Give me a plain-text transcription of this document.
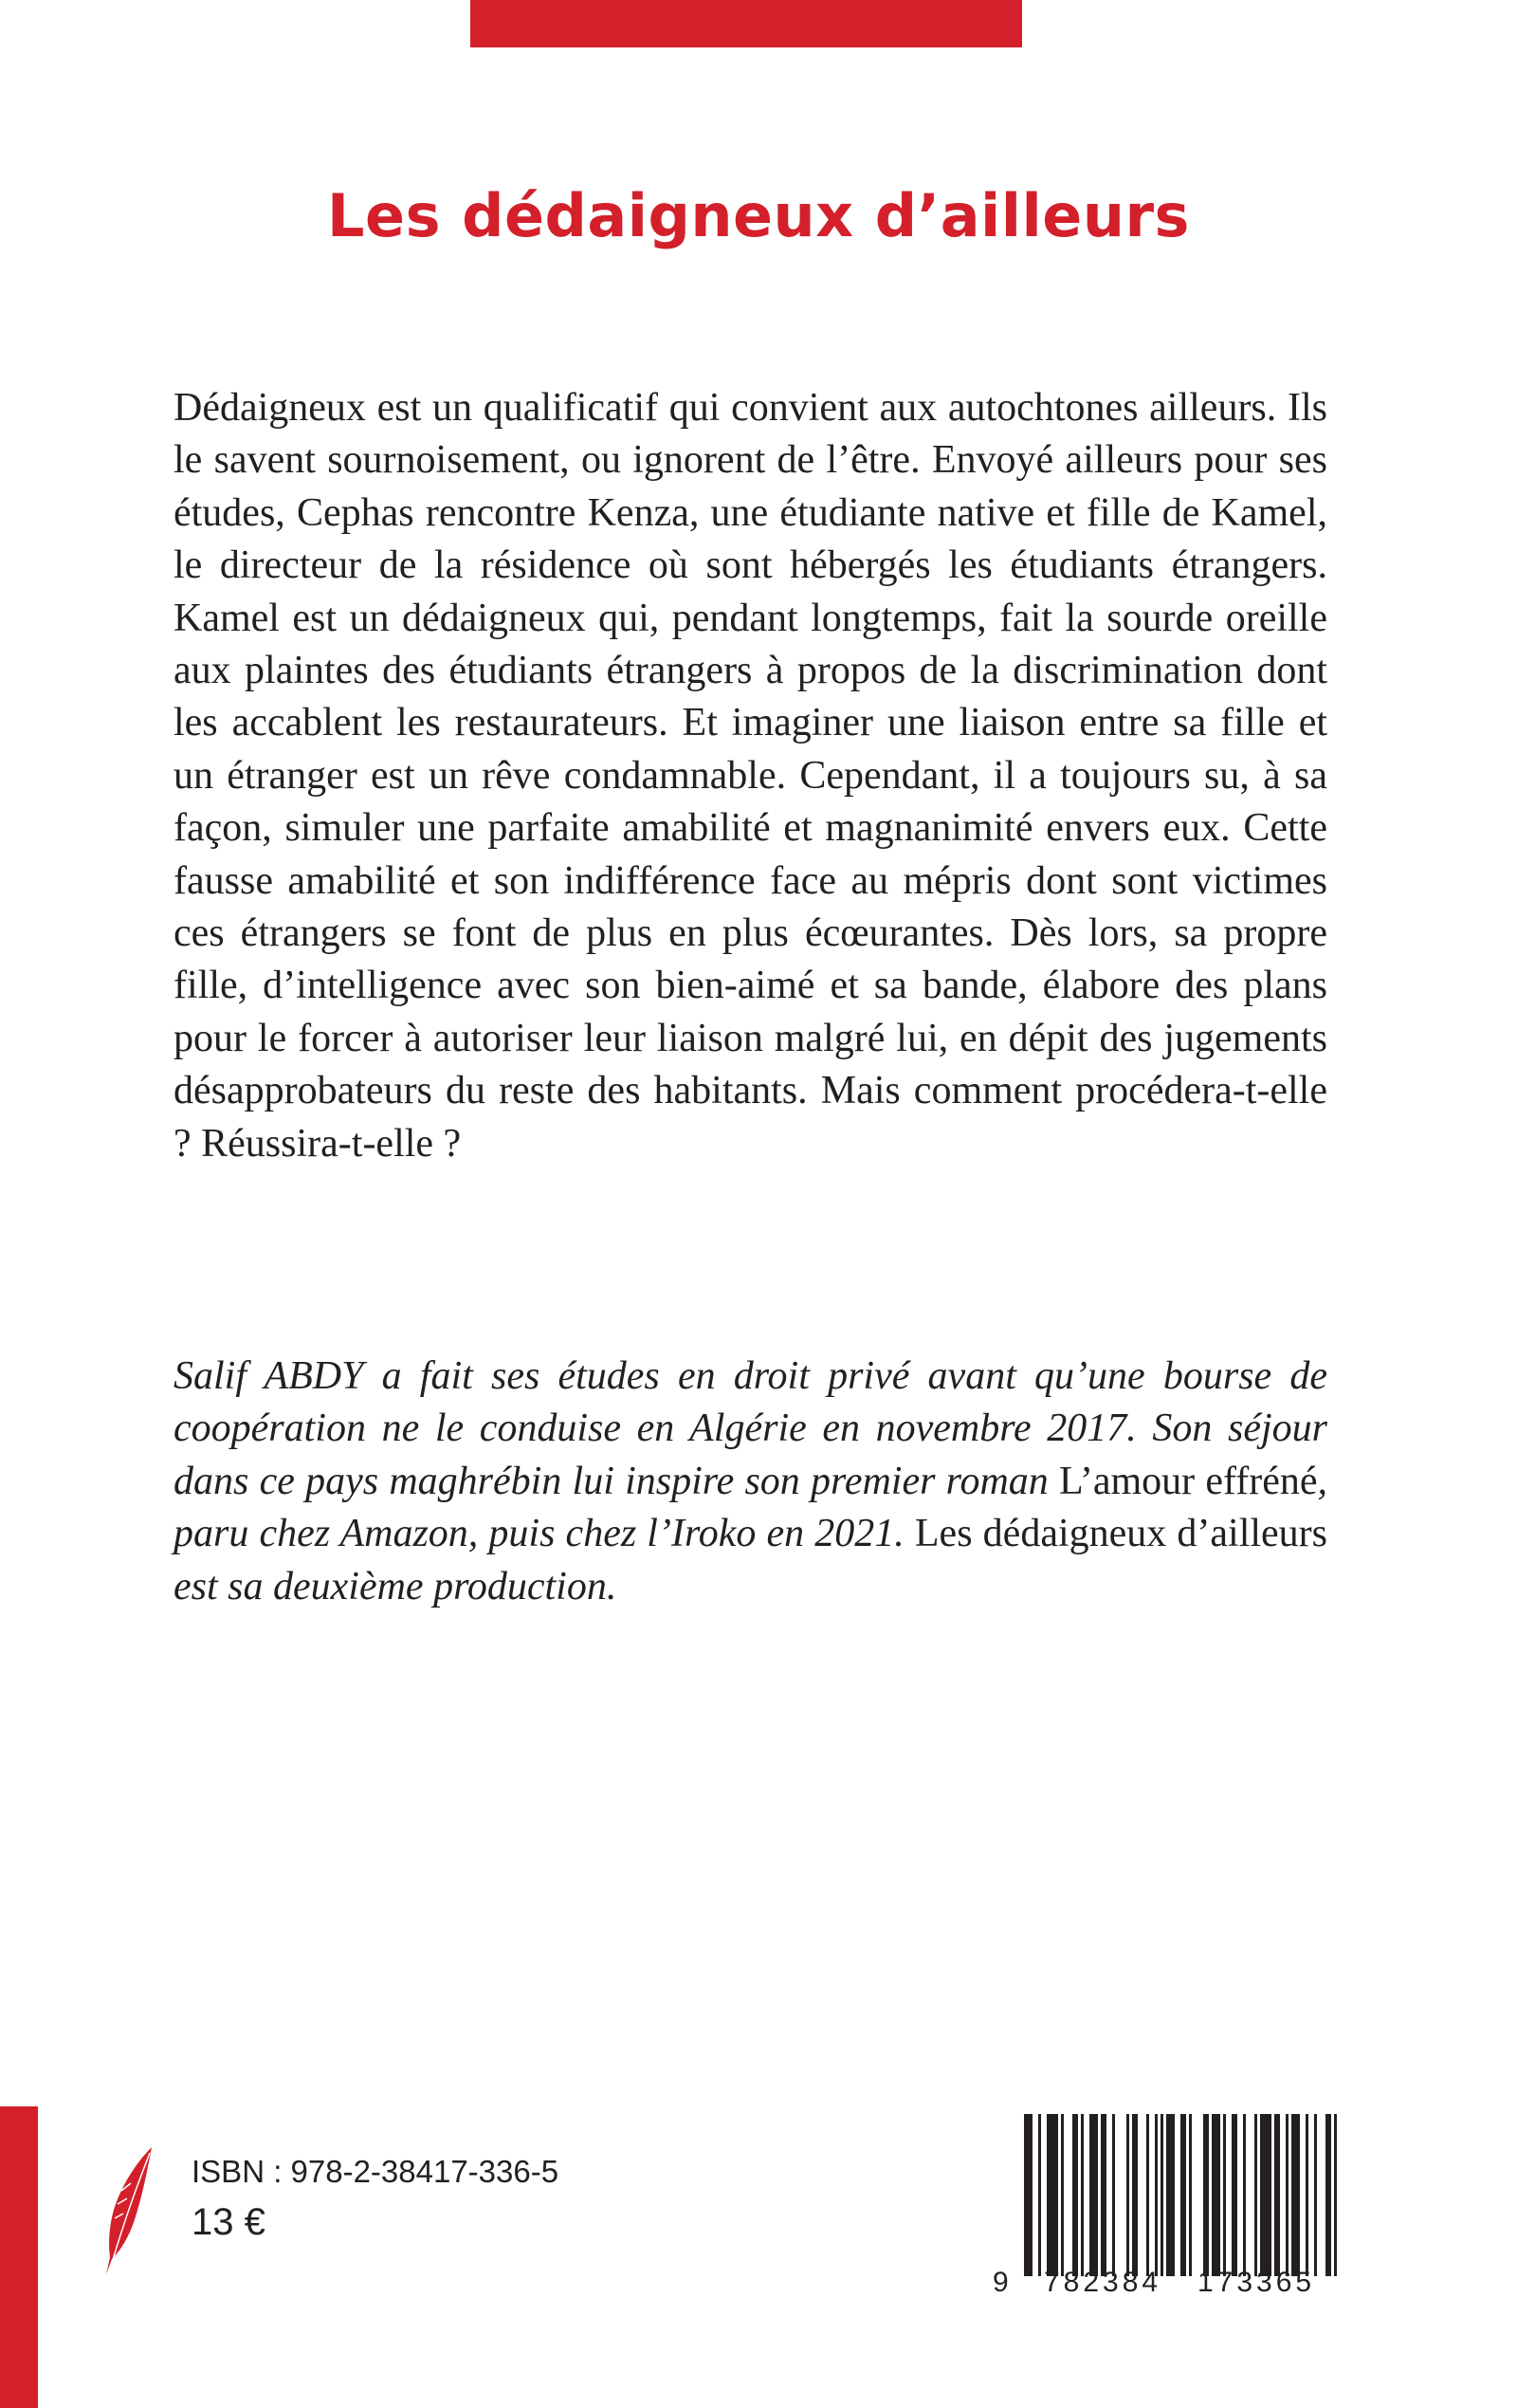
Les dédaigneux d’ailleurs

Dédaigneux est un qualificatif qui convient aux autochtones ailleurs. Ils le savent sournoisement, ou ignorent de l’être. Envoyé ailleurs pour ses études, Cephas rencontre Kenza, une étudiante native et fille de Kamel, le directeur de la résidence où sont hébergés les étudiants étrangers. Kamel est un dédaigneux qui, pendant longtemps, fait la sourde oreille aux plaintes des étudiants étrangers à propos de la discrimination dont les accablent les restaurateurs. Et imaginer une liaison entre sa fille et un étranger est un rêve condamnable. Cependant, il a toujours su, à sa façon, simuler une parfaite amabilité et magnanimité envers eux. Cette fausse amabilité et son indifférence face au mépris dont sont victimes ces étrangers se font de plus en plus écœurantes. Dès lors, sa propre fille, d’intelligence avec son bien-aimé et sa bande, élabore des plans pour le forcer à autoriser leur liaison malgré lui, en dépit des jugements désapprobateurs du reste des habitants. Mais comment procédera-t-elle ? Réussira-t-elle ?

Salif ABDY a fait ses études en droit privé avant qu’une bourse de coopération ne le conduise en Algérie en novembre 2017. Son séjour dans ce pays maghrébin lui inspire son premier roman L’amour effréné, paru chez Amazon, puis chez l’Iroko en 2021. Les dédaigneux d’ailleurs est sa deuxième production.

ISBN : 978-2-38417-336-5
13 €
9 782384 173365
